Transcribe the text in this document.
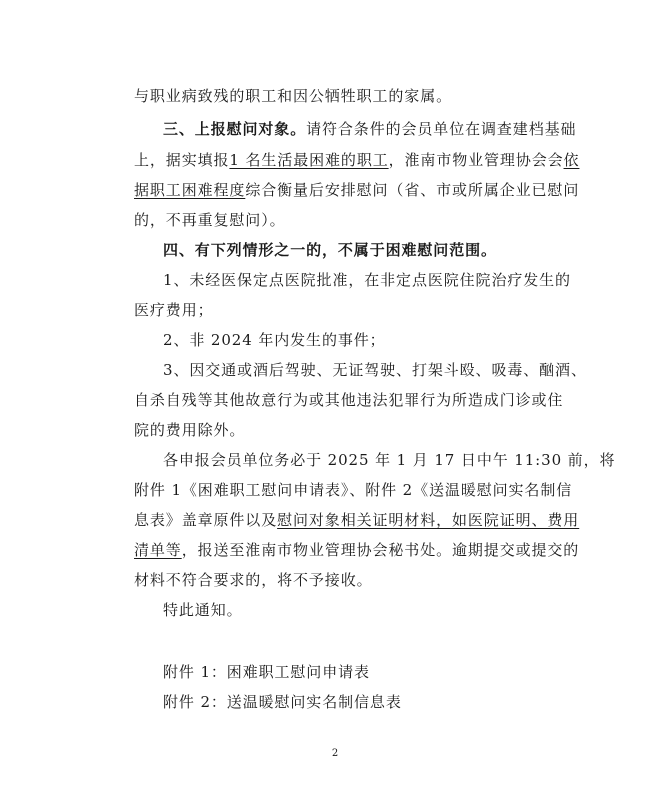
与职业病致残的职工和因公牺牲职工的家属。
三、上报慰问对象。请符合条件的会员单位在调查建档基础
上，据实填报1 名生活最困难的职工，淮南市物业管理协会会依
据职工困难程度综合衡量后安排慰问（省、市或所属企业已慰问
的，不再重复慰问）。
四、有下列情形之一的，不属于困难慰问范围。
1、未经医保定点医院批准，在非定点医院住院治疗发生的
医疗费用；
2、非 2024 年内发生的事件；
3、因交通或酒后驾驶、无证驾驶、打架斗殴、吸毒、酗酒、
自杀自残等其他故意行为或其他违法犯罪行为所造成门诊或住
院的费用除外。
各申报会员单位务必于 2025 年 1 月 17 日中午 11:30 前，将
附件 1《困难职工慰问申请表》、附件 2《送温暖慰问实名制信
息表》盖章原件以及慰问对象相关证明材料，如医院证明、费用
清单等，报送至淮南市物业管理协会秘书处。逾期提交或提交的
材料不符合要求的，将不予接收。
特此通知。
附件 1：困难职工慰问申请表
附件 2：送温暖慰问实名制信息表
2
